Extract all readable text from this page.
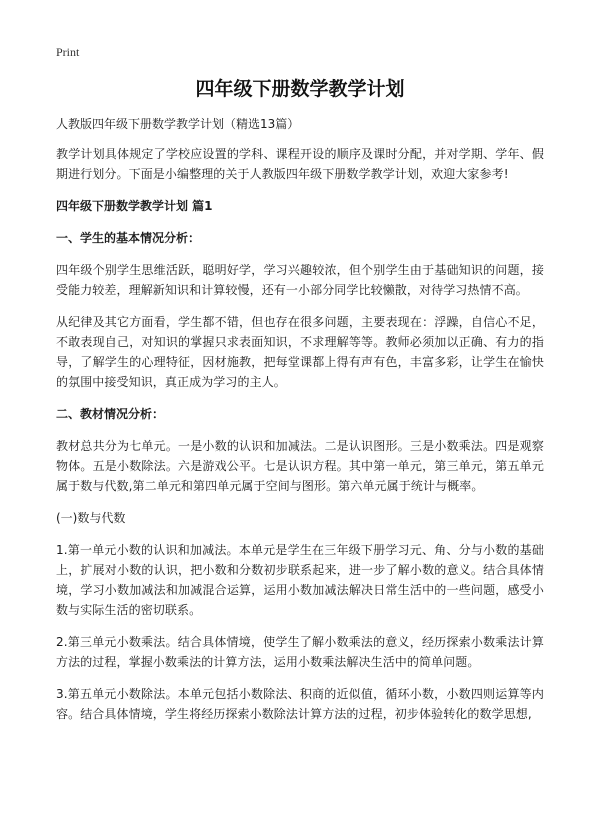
Print
四年级下册数学教学计划

人教版四年级下册数学教学计划（精选13篇）

教学计划具体规定了学校应设置的学科、课程开设的顺序及课时分配，并对学期、学年、假期进行划分。下面是小编整理的关于人教版四年级下册数学教学计划，欢迎大家参考!

四年级下册数学教学计划 篇1

一、学生的基本情况分析：

四年级个别学生思维活跃，聪明好学，学习兴趣较浓，但个别学生由于基础知识的问题，接受能力较差，理解新知识和计算较慢，还有一小部分同学比较懒散，对待学习热情不高。

从纪律及其它方面看，学生都不错，但也存在很多问题，主要表现在：浮躁，自信心不足，不敢表现自己，对知识的掌握只求表面知识，不求理解等等。教师必须加以正确、有力的指导，了解学生的心理特征，因材施教，把每堂课都上得有声有色，丰富多彩，让学生在愉快的氛围中接受知识，真正成为学习的主人。

二、教材情况分析：

教材总共分为七单元。一是小数的认识和加减法。二是认识图形。三是小数乘法。四是观察物体。五是小数除法。六是游戏公平。七是认识方程。其中第一单元，第三单元，第五单元属于数与代数,第二单元和第四单元属于空间与图形。第六单元属于统计与概率。

(一)数与代数

1.第一单元小数的认识和加减法。本单元是学生在三年级下册学习元、角、分与小数的基础上，扩展对小数的认识，把小数和分数初步联系起来，进一步了解小数的意义。结合具体情境，学习小数加减法和加减混合运算，运用小数加减法解决日常生活中的一些问题，感受小数与实际生活的密切联系。

2.第三单元小数乘法。结合具体情境，使学生了解小数乘法的意义，经历探索小数乘法计算方法的过程，掌握小数乘法的计算方法，运用小数乘法解决生活中的简单问题。

3.第五单元小数除法。本单元包括小数除法、积商的近似值，循环小数，小数四则运算等内容。结合具体情境，学生将经历探索小数除法计算方法的过程，初步体验转化的数学思想,
